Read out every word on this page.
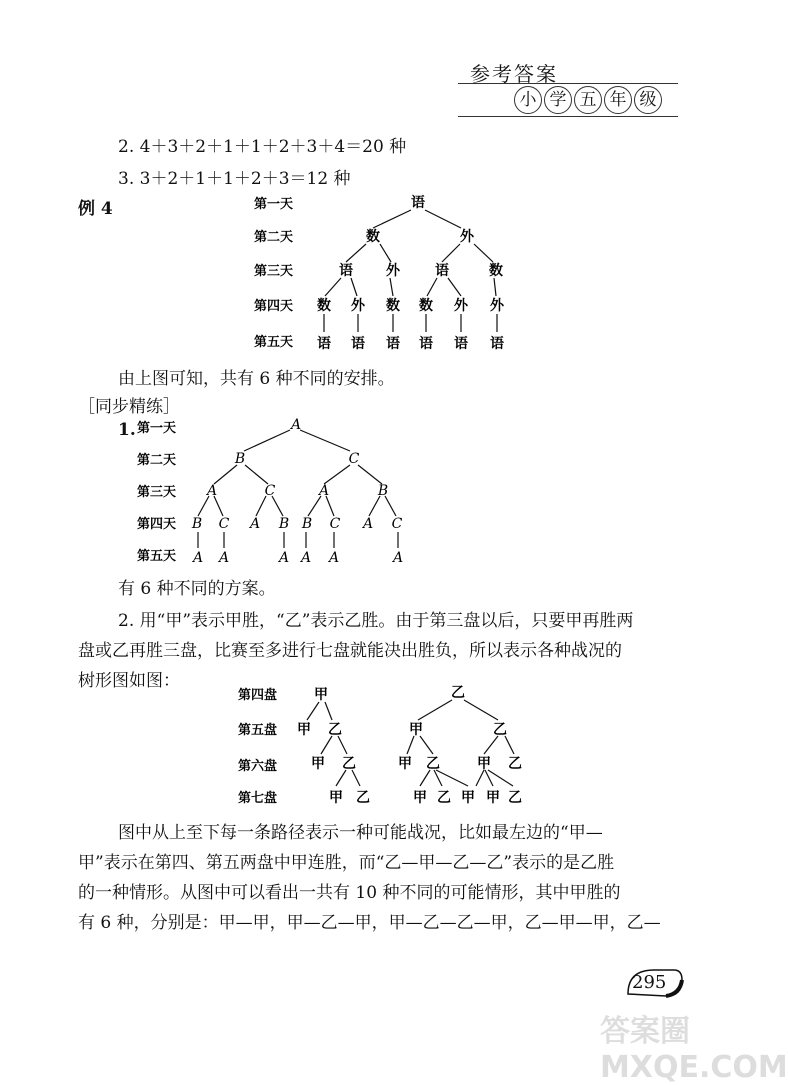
参考答案
小 学 五 年 级
2. 4＋3＋2＋1＋1＋2＋3＋4＝20 种
3. 3＋2＋1＋1＋2＋3＝12 种
例 4	第一天
第二天
第三天
第四天
第五天
语
数	外
语 外	语	数
数 外 数 数 外 外
语 语 语 语 语 语
由上图可知，共有 6 种不同的安排。
［同步精练］
1. 第一天
第二天
第三天
第四天
第五天
A
B	C
A	C	A	B
B C A B B C A C
A A	A A A	A
有 6 种不同的方案。
2. 用“甲”表示甲胜，“乙”表示乙胜。由于第三盘以后，只要甲再胜两
盘或乙再胜三盘，比赛至多进行七盘就能决出胜负，所以表示各种战况的
树形图如图：
第四盘
第五盘
第六盘
第七盘
甲
甲 乙
甲 乙
甲 乙
乙
甲	乙
甲 乙	甲 乙
甲 乙 甲 甲 乙
图中从上至下每一条路径表示一种可能战况，比如最左边的“甲—
甲”表示在第四、第五两盘中甲连胜，而“乙—甲—乙—乙”表示的是乙胜
的一种情形。从图中可以看出一共有 10 种不同的可能情形，其中甲胜的
有 6 种，分别是：甲—甲，甲—乙—甲，甲—乙—乙—甲，乙—甲—甲，乙—
295
答案圈 MXQE.COM
